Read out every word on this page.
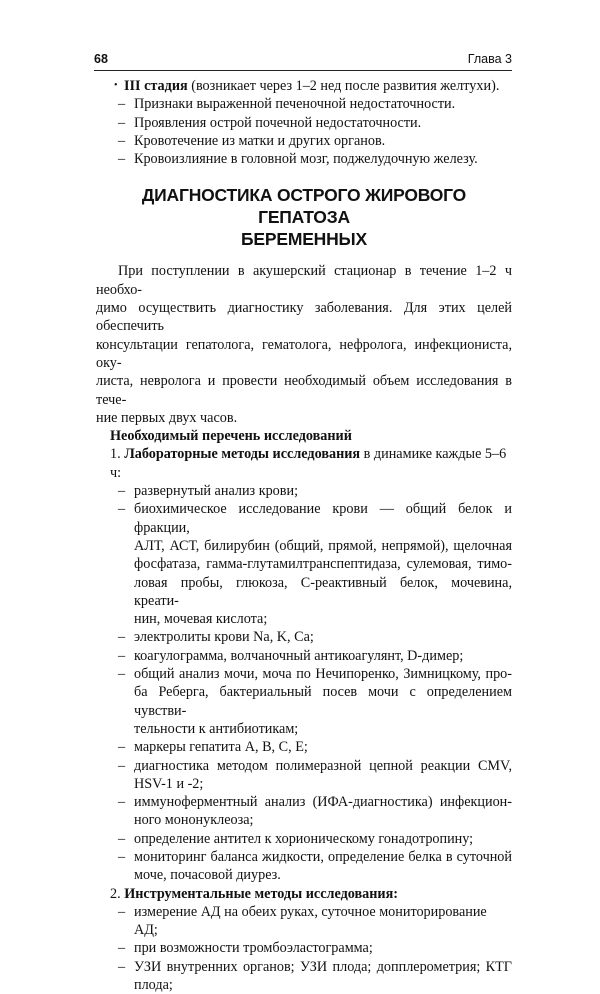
68	Глава 3
• III стадия (возникает через 1–2 нед после развития желтухи).
– Признаки выраженной печеночной недостаточности.
– Проявления острой почечной недостаточности.
– Кровотечение из матки и других органов.
– Кровоизлияние в головной мозг, поджелудочную железу.
ДИАГНОСТИКА ОСТРОГО ЖИРОВОГО ГЕПАТОЗА
БЕРЕМЕННЫХ
При поступлении в акушерский стационар в течение 1–2 ч необхо-
димо осуществить диагностику заболевания. Для этих целей обеспечить
консультации гепатолога, гематолога, нефролога, инфекциониста, оку-
листа, невролога и провести необходимый объем исследования в тече-
ние первых двух часов.
Необходимый перечень исследований
1. Лабораторные методы исследования в динамике каждые 5–6 ч:
– развернутый анализ крови;
– биохимическое исследование крови — общий белок и фракции,
АЛТ, АСТ, билирубин (общий, прямой, непрямой), щелочная
фосфатаза, гамма-глутамилтранспептидаза, сулемовая, тимо-
ловая пробы, глюкоза, С-реактивный белок, мочевина, креати-
нин, мочевая кислота;
– электролиты крови Na, K, Ca;
– коагулограмма, волчаночный антикоагулянт, D-димер;
– общий анализ мочи, моча по Нечипоренко, Зимницкому, про-
ба Реберга, бактериальный посев мочи с определением чувстви-
тельности к антибиотикам;
– маркеры гепатита A, B, C, E;
– диагностика методом полимеразной цепной реакции CMV,
HSV-1 и -2;
– иммуноферментный анализ (ИФА-диагностика) инфекцион-
ного мононуклеоза;
– определение антител к хорионическому гонадотропину;
– мониторинг баланса жидкости, определение белка в суточной
моче, почасовой диурез.
2. Инструментальные методы исследования:
– измерение АД на обеих руках, суточное мониторирование АД;
– при возможности тромбоэластограмма;
– УЗИ внутренних органов; УЗИ плода; допплерометрия; КТГ
плода;
